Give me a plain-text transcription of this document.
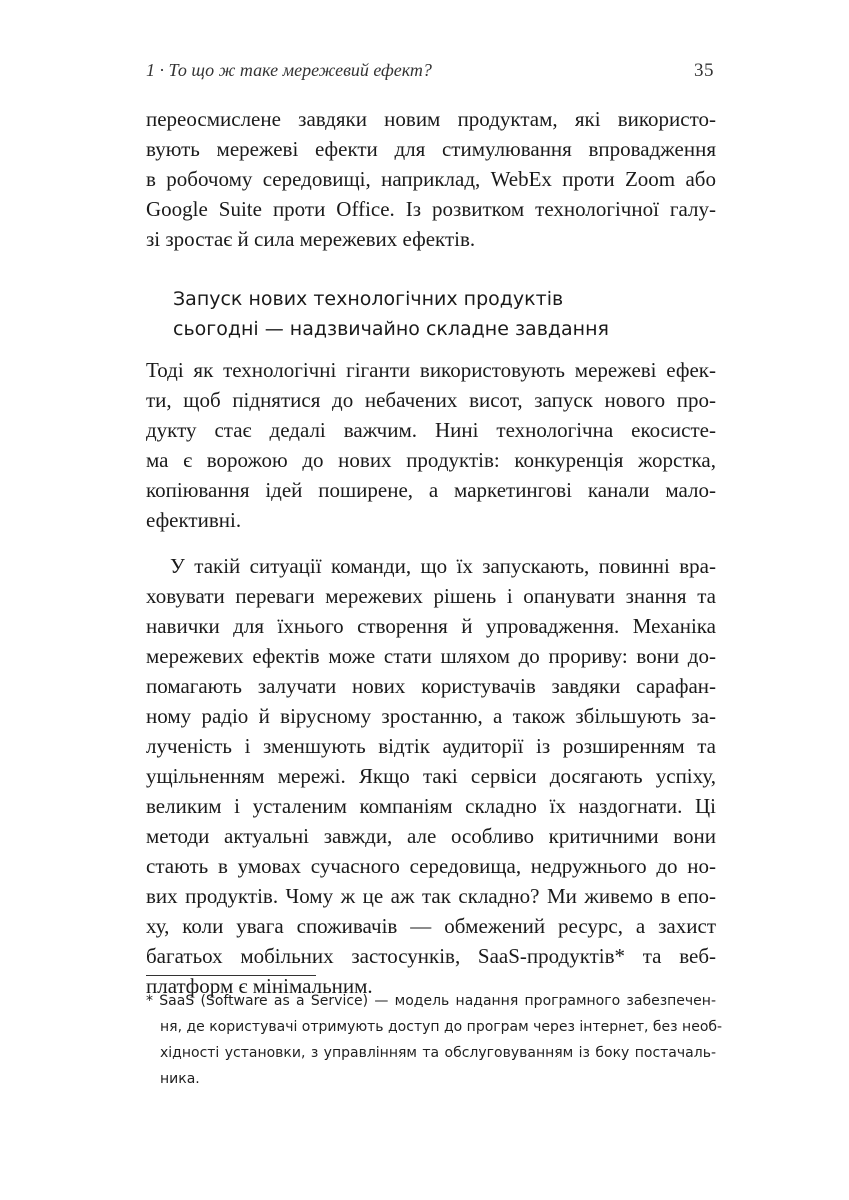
1 · То що ж таке мережевий ефект?	35
переосмислене завдяки новим продуктам, які використо-
вують мережеві ефекти для стимулювання впровадження
в робочому середовищі, наприклад, WebEx проти Zoom або
Google Suite проти Office. Із розвитком технологічної галу-
зі зростає й сила мережевих ефектів.
Запуск нових технологічних продуктів
сьогодні — надзвичайно складне завдання
Тоді як технологічні гіганти використовують мережеві ефек-
ти, щоб піднятися до небачених висот, запуск нового про-
дукту стає дедалі важчим. Нині технологічна екосисте-
ма є ворожою до нових продуктів: конкуренція жорстка,
копіювання ідей поширене, а маркетингові канали мало-
ефективні.
У такій ситуації команди, що їх запускають, повинні вра-
ховувати переваги мережевих рішень і опанувати знання та
навички для їхнього створення й упровадження. Механіка
мережевих ефектів може стати шляхом до прориву: вони до-
помагають залучати нових користувачів завдяки сарафан-
ному радіо й вірусному зростанню, а також збільшують за-
лученість і зменшують відтік аудиторії із розширенням та
ущільненням мережі. Якщо такі сервіси досягають успіху,
великим і усталеним компаніям складно їх наздогнати. Ці
методи актуальні завжди, але особливо критичними вони
стають в умовах сучасного середовища, недружнього до но-
вих продуктів. Чому ж це аж так складно? Ми живемо в епо-
ху, коли увага споживачів — обмежений ресурс, а захист
багатьох мобільних застосунків, SaaS-продуктів* та веб-
платформ є мінімальним.
* SaaS (Software as a Service) — модель надання програмного забезпечен-
ня, де користувачі отримують доступ до програм через інтернет, без необ-
хідності установки, з управлінням та обслуговуванням із боку постачаль-
ника.
